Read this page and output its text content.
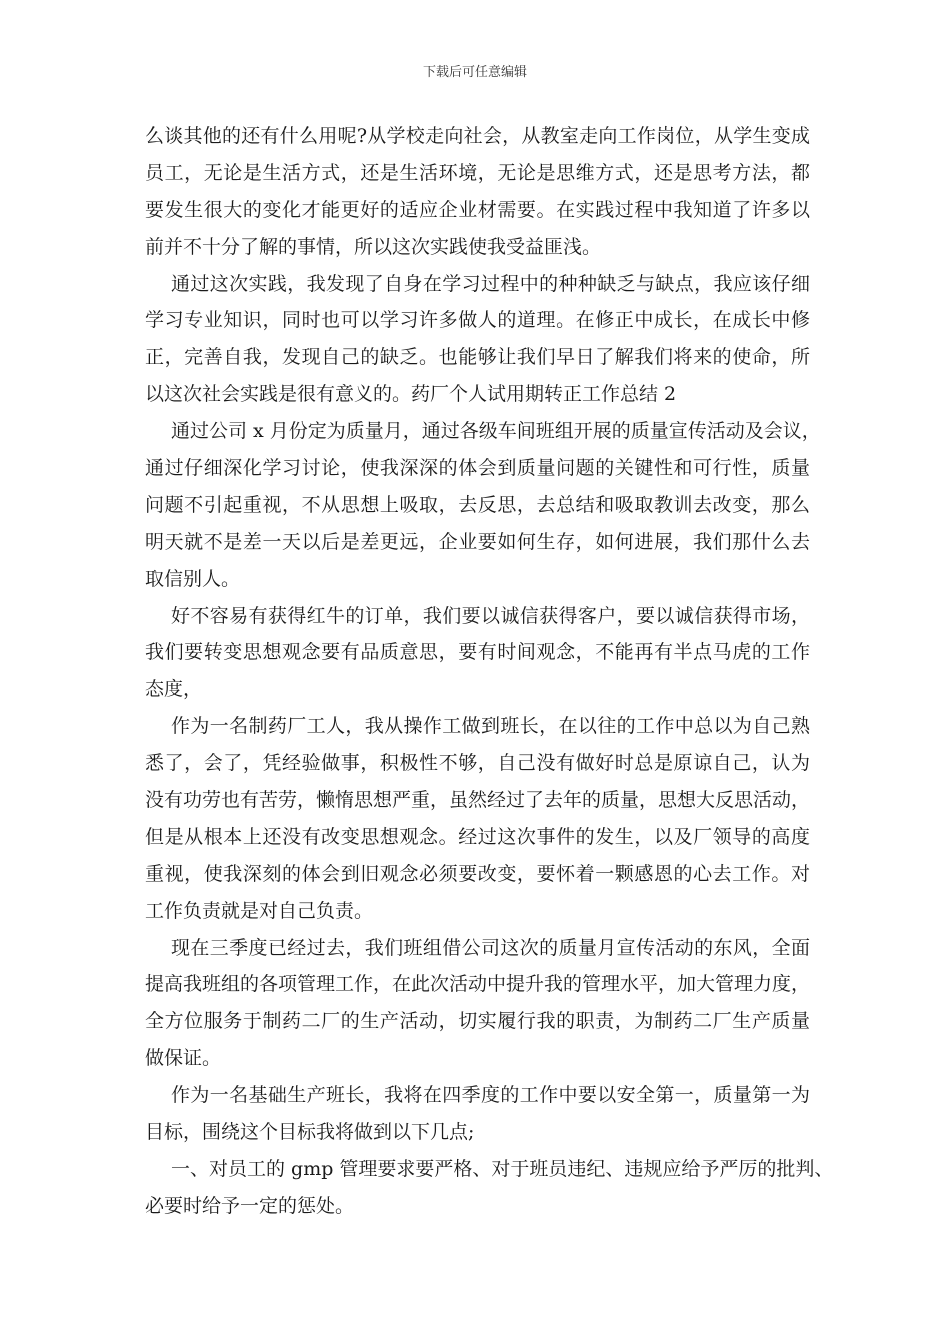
下载后可任意编辑
么谈其他的还有什么用呢?从学校走向社会，从教室走向工作岗位，从学生变成
员工，无论是生活方式，还是生活环境，无论是思维方式，还是思考方法，都
要发生很大的变化才能更好的适应企业材需要。在实践过程中我知道了许多以
前并不十分了解的事情，所以这次实践使我受益匪浅。
通过这次实践，我发现了自身在学习过程中的种种缺乏与缺点，我应该仔细
学习专业知识，同时也可以学习许多做人的道理。在修正中成长，在成长中修
正，完善自我，发现自己的缺乏。也能够让我们早日了解我们将来的使命，所
以这次社会实践是很有意义的。药厂个人试用期转正工作总结 2
通过公司 x 月份定为质量月，通过各级车间班组开展的质量宣传活动及会议，
通过仔细深化学习讨论，使我深深的体会到质量问题的关键性和可行性，质量
问题不引起重视，不从思想上吸取，去反思，去总结和吸取教训去改变，那么
明天就不是差一天以后是差更远，企业要如何生存，如何进展，我们那什么去
取信别人。
好不容易有获得红牛的订单，我们要以诚信获得客户，要以诚信获得市场，
我们要转变思想观念要有品质意思，要有时间观念，不能再有半点马虎的工作
态度，
作为一名制药厂工人，我从操作工做到班长，在以往的工作中总以为自己熟
悉了，会了，凭经验做事，积极性不够，自己没有做好时总是原谅自己，认为
没有功劳也有苦劳，懒惰思想严重，虽然经过了去年的质量，思想大反思活动，
但是从根本上还没有改变思想观念。经过这次事件的发生，以及厂领导的高度
重视，使我深刻的体会到旧观念必须要改变，要怀着一颗感恩的心去工作。对
工作负责就是对自己负责。
现在三季度已经过去，我们班组借公司这次的质量月宣传活动的东风，全面
提高我班组的各项管理工作，在此次活动中提升我的管理水平，加大管理力度，
全方位服务于制药二厂的生产活动，切实履行我的职责，为制药二厂生产质量
做保证。
作为一名基础生产班长，我将在四季度的工作中要以安全第一，质量第一为
目标，围绕这个目标我将做到以下几点;
一、对员工的 gmp 管理要求要严格、对于班员违纪、违规应给予严厉的批判、
必要时给予一定的惩处。
